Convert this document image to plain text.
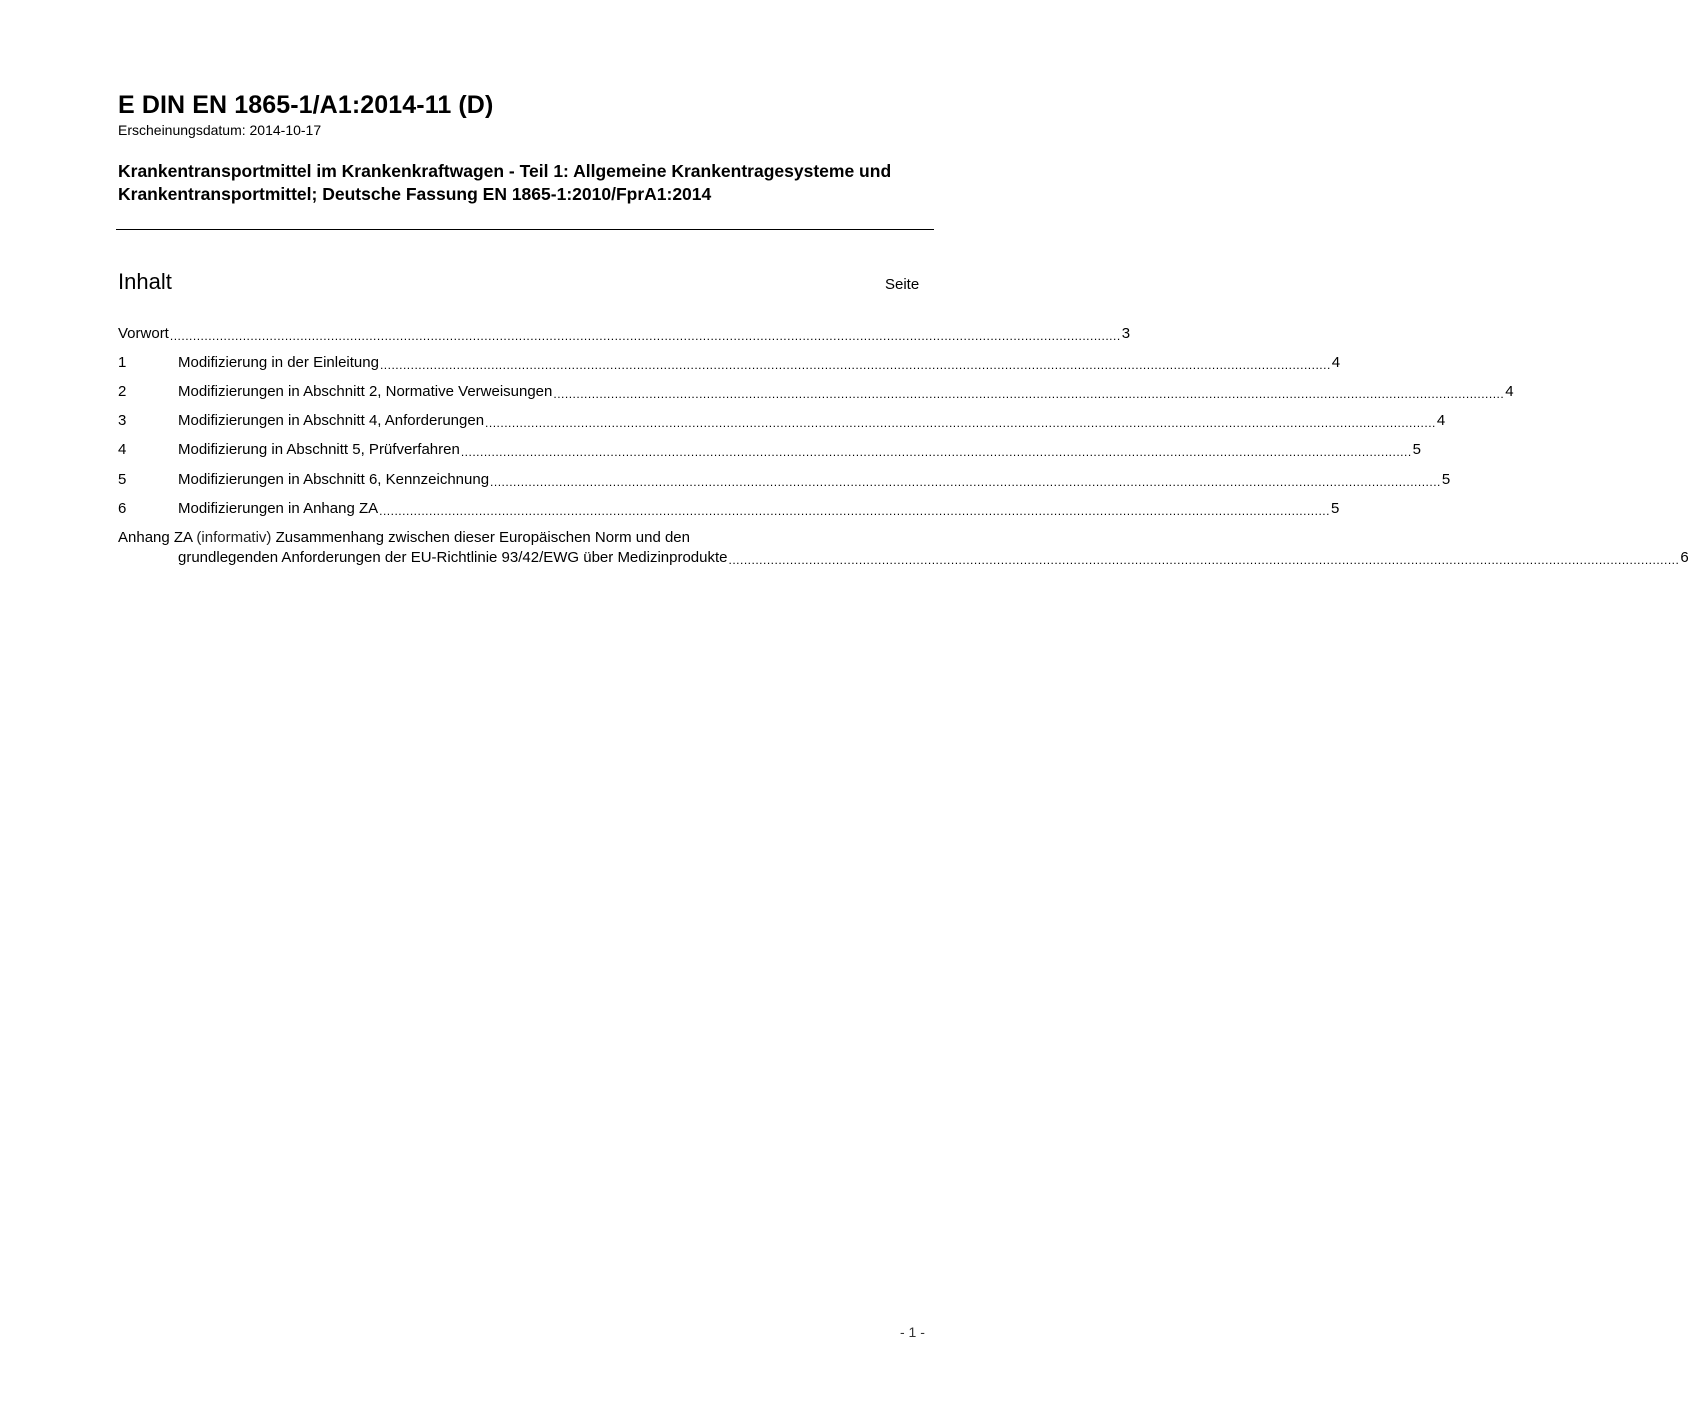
E DIN EN 1865-1/A1:2014-11 (D)
Erscheinungsdatum: 2014-10-17
Krankentransportmittel im Krankenkraftwagen - Teil 1: Allgemeine Krankentragesysteme und Krankentransportmittel; Deutsche Fassung EN 1865-1:2010/FprA1:2014
Inhalt	Seite
Vorwort ........................................................................................................................................................................................................................................................ 3
1	Modifizierung in der Einleitung ........................................................................................................................................................................................................................................................ 4
2	Modifizierungen in Abschnitt 2, Normative Verweisungen ........................................................................................................................................................................................................................................................ 4
3	Modifizierungen in Abschnitt 4, Anforderungen ........................................................................................................................................................................................................................................................ 4
4	Modifizierung in Abschnitt 5, Prüfverfahren ........................................................................................................................................................................................................................................................ 5
5	Modifizierungen in Abschnitt 6, Kennzeichnung ........................................................................................................................................................................................................................................................ 5
6	Modifizierungen in Anhang ZA ........................................................................................................................................................................................................................................................ 5
Anhang ZA (informativ) Zusammenhang zwischen dieser Europäischen Norm und den
grundlegenden Anforderungen der EU-Richtlinie 93/42/EWG über Medizinprodukte ........................................................................................................................................................................................................................................................ 6
- 1 -
